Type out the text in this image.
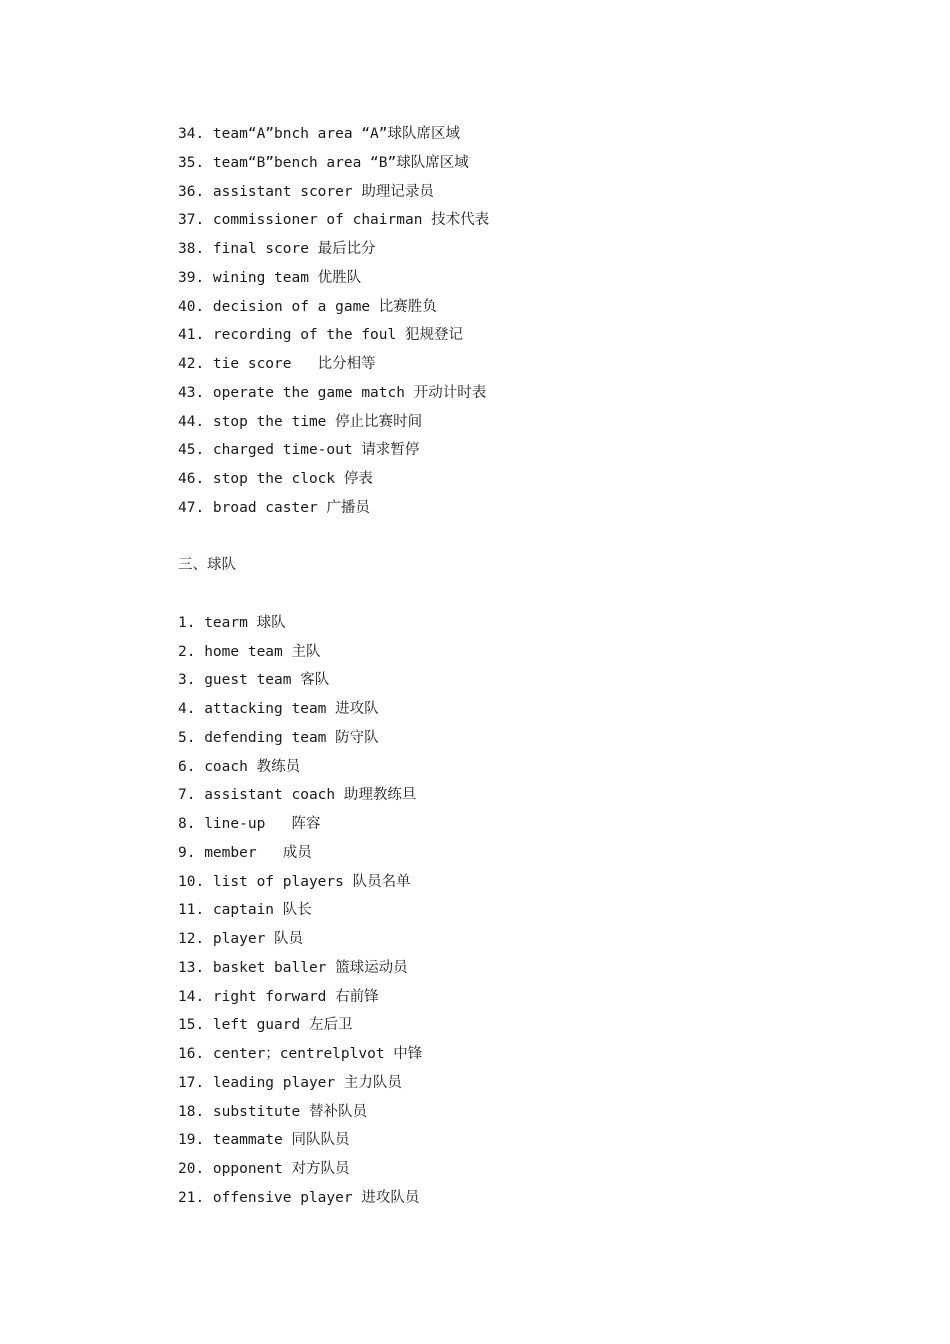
34. team“A”bnch area “A”球队席区域
35. team“B”bench area “B”球队席区域
36. assistant scorer 助理记录员
37. commissioner of chairman 技术代表
38. final score 最后比分
39. wining team 优胜队
40. decision of a game 比赛胜负
41. recording of the foul 犯规登记
42. tie score   比分相等
43. operate the game match 开动计时表
44. stop the time 停止比赛时间
45. charged time-out 请求暂停
46. stop the clock 停表
47. broad caster 广播员
三、球队
1. tearm 球队
2. home team 主队
3. guest team 客队
4. attacking team 进攻队
5. defending team 防守队
6. coach 教练员
7. assistant coach 助理教练旦
8. line-up   阵容
9. member   成员
10. list of players 队员名单
11. captain 队长
12. player 队员
13. basket baller 篮球运动员
14. right forward 右前锋
15. left guard 左后卫
16. center；centrelplvot 中锋
17. leading player 主力队员
18. substitute 替补队员
19. teammate 同队队员
20. opponent 对方队员
21. offensive player 进攻队员
